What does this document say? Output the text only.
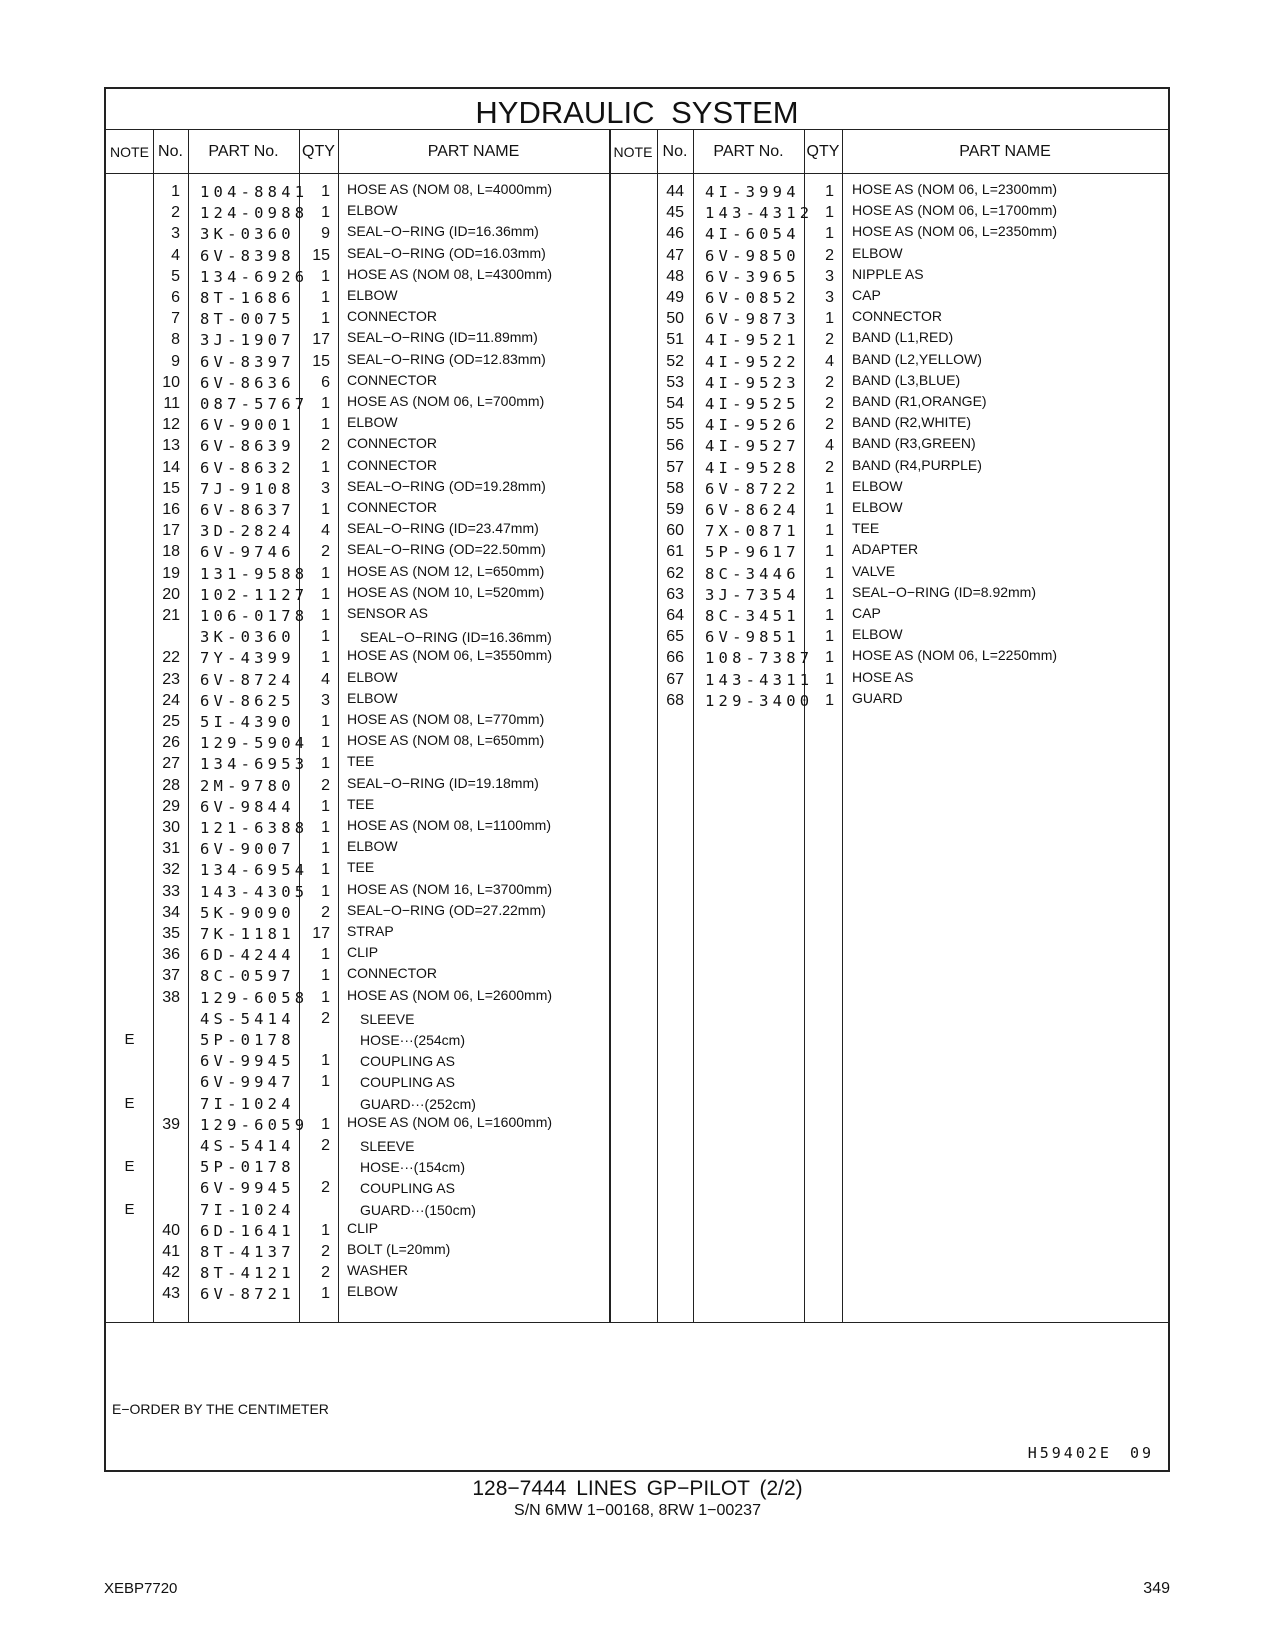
HYDRAULIC SYSTEM
NOTE No.	PART No.	QTY	PART NAME	NOTE No.	PART No.	QTY	PART NAME
1 104-8841 1 HOSE AS (NOM 08, L=4000mm)
2 124-0988 1 ELBOW
3 3K-0360	9 SEAL−O−RING (ID=16.36mm)
4 6V-8398	15 SEAL−O−RING (OD=16.03mm)
5 134-6926 1 HOSE AS (NOM 08, L=4300mm)
6 8T-1686	1 ELBOW
7 8T-0075	1 CONNECTOR
8 3J-1907	17 SEAL−O−RING (ID=11.89mm)
9 6V-8397	15 SEAL−O−RING (OD=12.83mm)
10 6V-8636	6 CONNECTOR
11 087-5767 1 HOSE AS (NOM 06, L=700mm)
12 6V-9001	1 ELBOW
13 6V-8639	2 CONNECTOR
14 6V-8632	1 CONNECTOR
15 7J-9108	3 SEAL−O−RING (OD=19.28mm)
16 6V-8637	1 CONNECTOR
17 3D-2824	4 SEAL−O−RING (ID=23.47mm)
18 6V-9746	2 SEAL−O−RING (OD=22.50mm)
19 131-9588 1 HOSE AS (NOM 12, L=650mm)
20 102-1127 1 HOSE AS (NOM 10, L=520mm)
21 106-0178 1 SENSOR AS
3K-0360	1 SEAL−O−RING (ID=16.36mm)
22 7Y-4399	1 HOSE AS (NOM 06, L=3550mm)
23 6V-8724	4 ELBOW
24 6V-8625	3 ELBOW
25 5I-4390	1 HOSE AS (NOM 08, L=770mm)
26 129-5904 1 HOSE AS (NOM 08, L=650mm)
27 134-6953 1 TEE
28 2M-9780	2 SEAL−O−RING (ID=19.18mm)
29 6V-9844	1 TEE
30 121-6388 1 HOSE AS (NOM 08, L=1100mm)
31 6V-9007	1 ELBOW
32 134-6954 1 TEE
33 143-4305 1 HOSE AS (NOM 16, L=3700mm)
34 5K-9090	2 SEAL−O−RING (OD=27.22mm)
35 7K-1181	17 STRAP
36 6D-4244	1 CLIP
37 8C-0597	1 CONNECTOR
38 129-6058 1 HOSE AS (NOM 06, L=2600mm)
4S-5414	2 SLEEVE
E	5P-0178	HOSE···(254cm)
6V-9945	1 COUPLING AS
6V-9947	1 COUPLING AS
E	7I-1024	GUARD···(252cm)
39 129-6059 1 HOSE AS (NOM 06, L=1600mm)
4S-5414	2 SLEEVE
E	5P-0178	HOSE···(154cm)
6V-9945	2 COUPLING AS
E	7I-1024	GUARD···(150cm)
40 6D-1641	1 CLIP
41 8T-4137	2 BOLT (L=20mm)
42 8T-4121	2 WASHER
43 6V-8721	1 ELBOW
44 4I-3994	1 HOSE AS (NOM 06, L=2300mm)
45 143-4312 1 HOSE AS (NOM 06, L=1700mm)
46 4I-6054	1 HOSE AS (NOM 06, L=2350mm)
47 6V-9850	2 ELBOW
48 6V-3965	3 NIPPLE AS
49 6V-0852	3 CAP
50 6V-9873	1 CONNECTOR
51 4I-9521	2 BAND (L1,RED)
52 4I-9522	4 BAND (L2,YELLOW)
53 4I-9523	2 BAND (L3,BLUE)
54 4I-9525	2 BAND (R1,ORANGE)
55 4I-9526	2 BAND (R2,WHITE)
56 4I-9527	4 BAND (R3,GREEN)
57 4I-9528	2 BAND (R4,PURPLE)
58 6V-8722	1 ELBOW
59 6V-8624	1 ELBOW
60 7X-0871	1 TEE
61 5P-9617	1 ADAPTER
62 8C-3446	1 VALVE
63 3J-7354	1 SEAL−O−RING (ID=8.92mm)
64 8C-3451	1 CAP
65 6V-9851	1 ELBOW
66 108-7387 1 HOSE AS (NOM 06, L=2250mm)
67 143-4311 1 HOSE AS
68 129-3400 1 GUARD
E−ORDER BY THE CENTIMETER
H59402E 09
128−7444 LINES GP−PILOT (2/2)
S/N 6MW 1−00168, 8RW 1−00237
XEBP7720	349
